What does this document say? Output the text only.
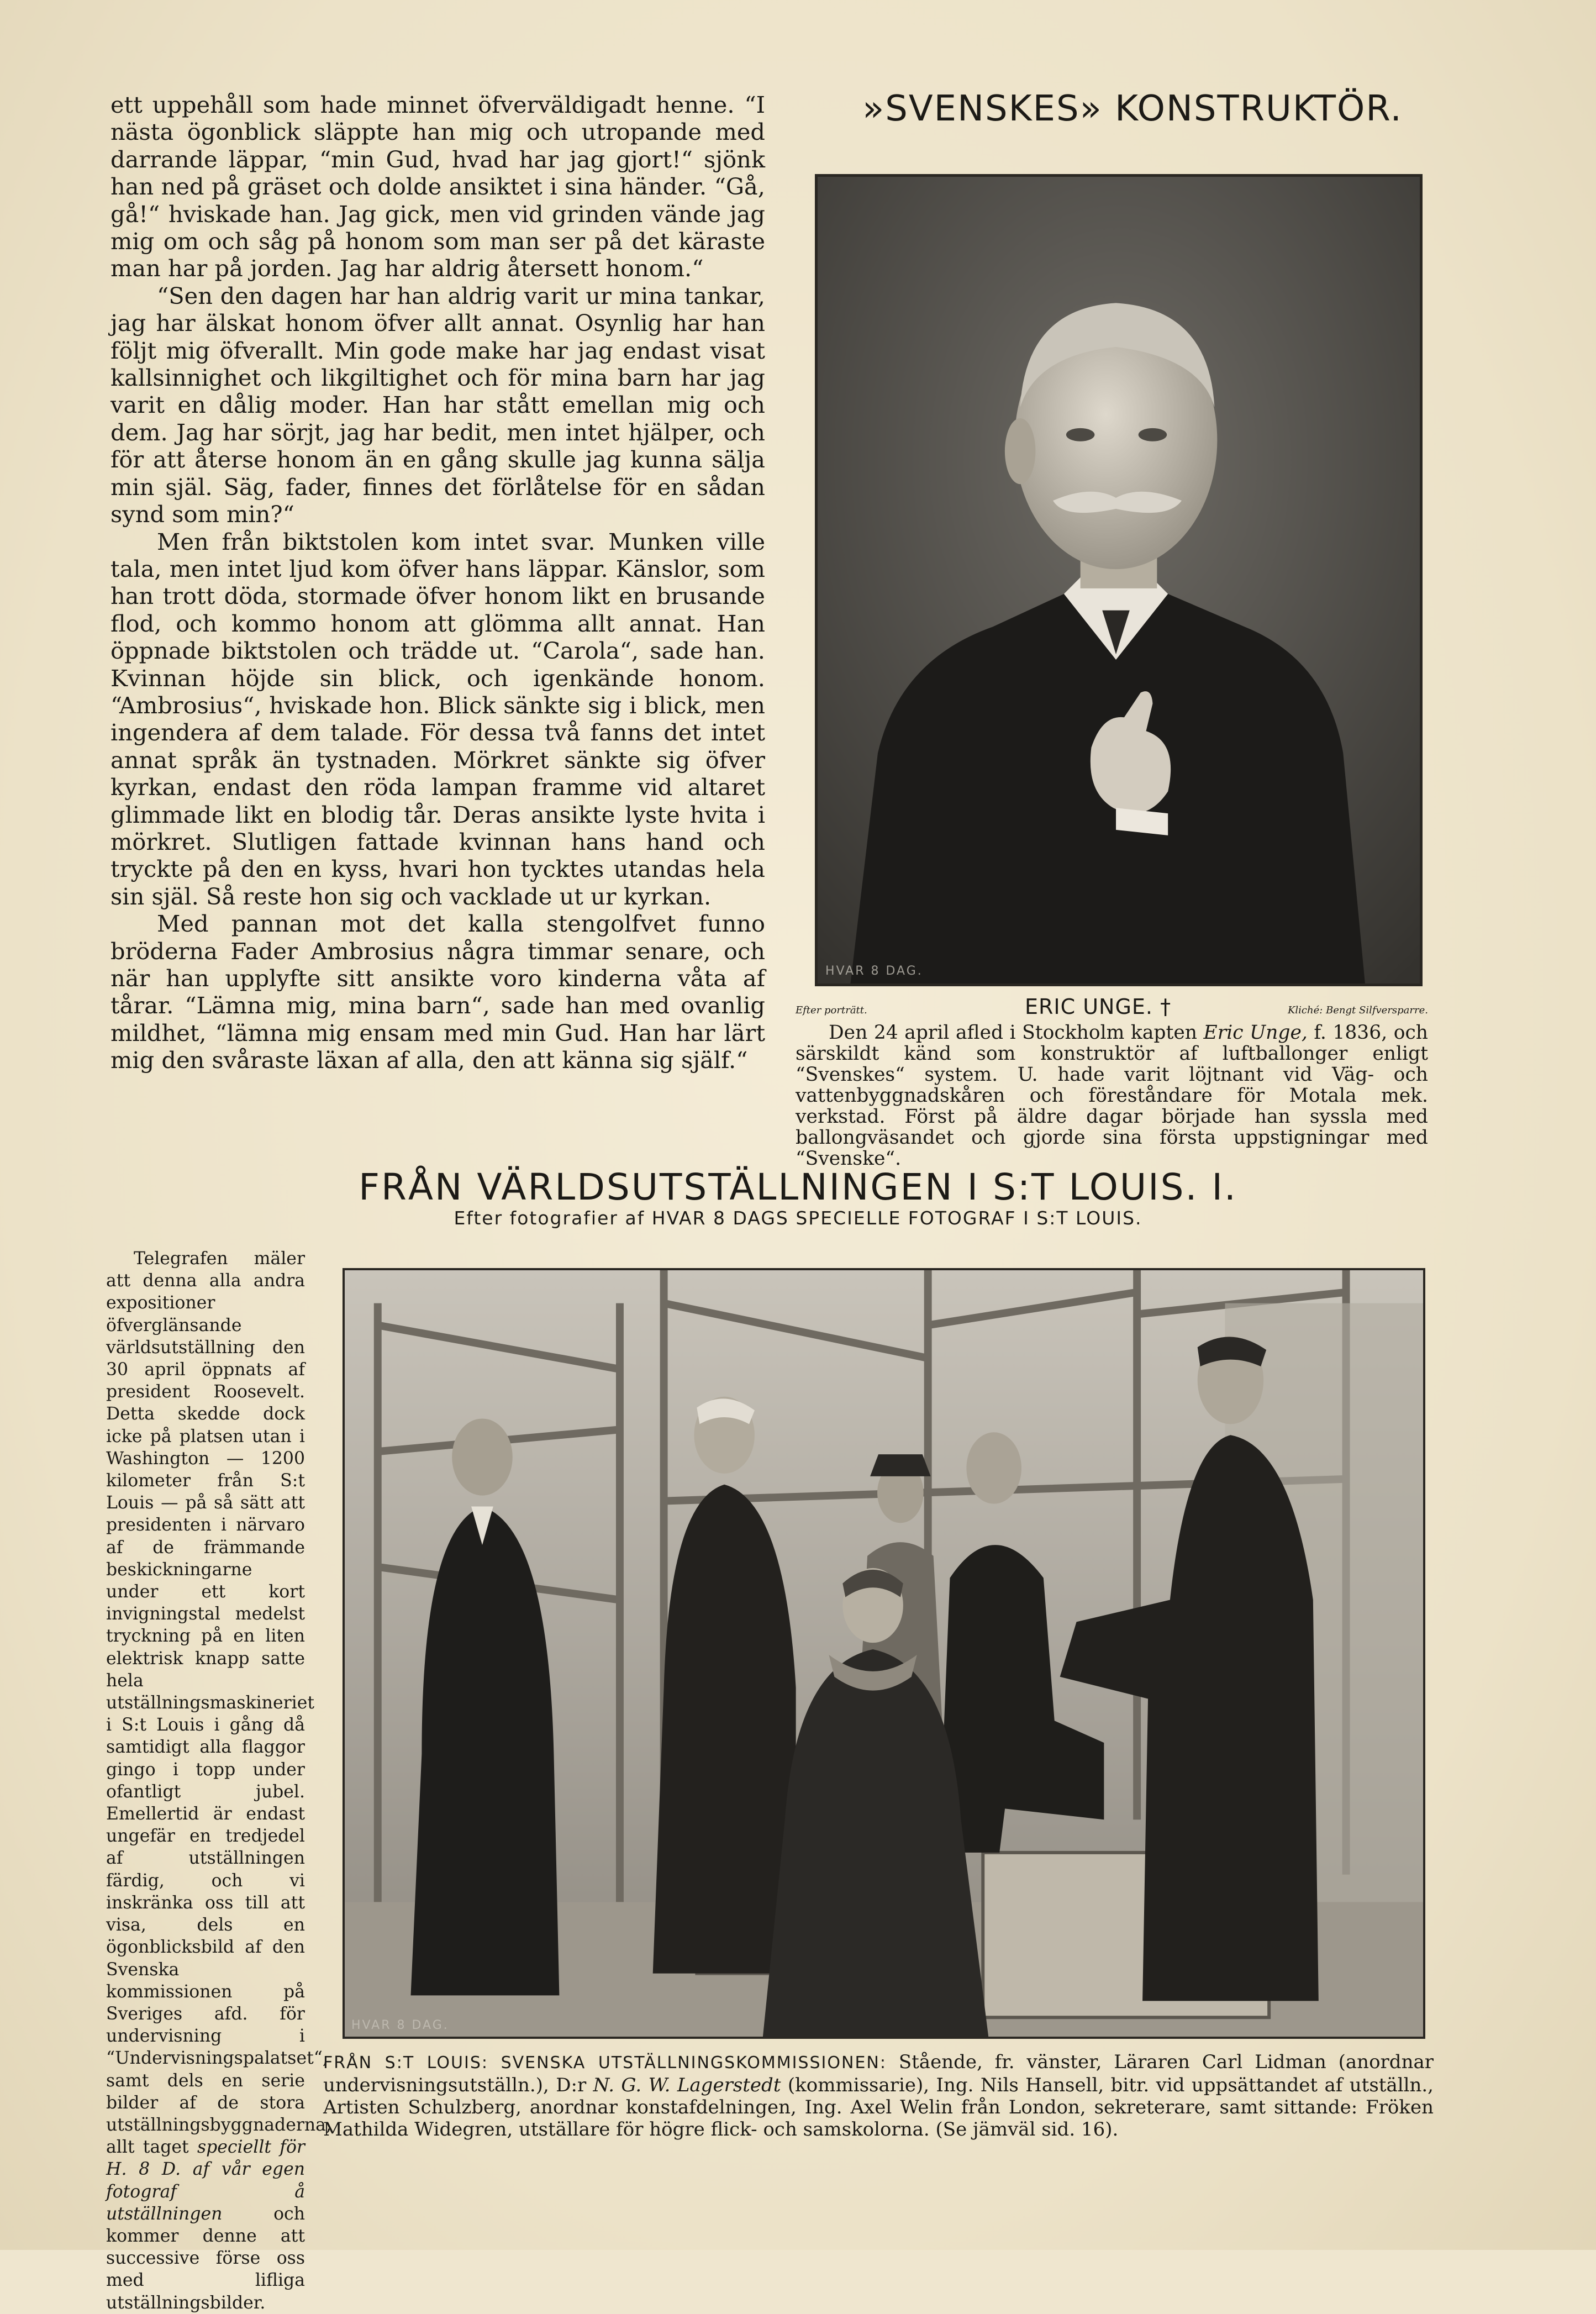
ett uppehåll som hade minnet öfverväldigadt henne. “I nästa ögonblick släppte han mig och utropande med darrande läppar, “min Gud, hvad har jag gjort!“ sjönk han ned på gräset och dolde ansiktet i sina händer. “Gå, gå!“ hviskade han. Jag gick, men vid grinden vände jag mig om och såg på honom som man ser på det käraste man har på jorden. Jag har aldrig återsett honom.“

“Sen den dagen har han aldrig varit ur mina tankar, jag har älskat honom öfver allt annat. Osynlig har han följt mig öfverallt. Min gode make har jag endast visat kallsinnighet och likgiltighet och för mina barn har jag varit en dålig moder. Han har stått emellan mig och dem. Jag har sörjt, jag har bedit, men intet hjälper, och för att återse honom än en gång skulle jag kunna sälja min själ. Säg, fader, finnes det förlåtelse för en sådan synd som min?“

Men från biktstolen kom intet svar. Munken ville tala, men intet ljud kom öfver hans läppar. Känslor, som han trott döda, stormade öfver honom likt en brusande flod, och kommo honom att glömma allt annat. Han öppnade biktstolen och trädde ut. “Carola“, sade han. Kvinnan höjde sin blick, och igenkände honom. “Ambrosius“, hviskade hon. Blick sänkte sig i blick, men ingendera af dem talade. För dessa två fanns det intet annat språk än tystnaden. Mörkret sänkte sig öfver kyrkan, endast den röda lampan framme vid altaret glimmade likt en blodig tår. Deras ansikte lyste hvita i mörkret. Slutligen fattade kvinnan hans hand och tryckte på den en kyss, hvari hon tycktes utandas hela sin själ. Så reste hon sig och vacklade ut ur kyrkan.

Med pannan mot det kalla stengolfvet funno bröderna Fader Ambrosius några timmar senare, och när han upplyfte sitt ansikte voro kinderna våta af tårar. “Lämna mig, mina barn“, sade han med ovanlig mildhet, “lämna mig ensam med min Gud. Han har lärt mig den svåraste läxan af alla, den att känna sig själf.“

»SVENSKES» KONSTRUKTÖR.
HVAR 8 DAG.
Efter porträtt.	ERIC UNGE. †	Kliché: Bengt Silfversparre.

Den 24 april afled i Stockholm kapten Eric Unge, f. 1836, och särskildt känd som konstruktör af luftballonger enligt “Svenskes“ system. U. hade varit löjtnant vid Väg- och vattenbyggnadskåren och föreståndare för Motala mek. verkstad. Först på äldre dagar började han syssla med ballongväsandet och gjorde sina första uppstigningar med “Svenske“.

FRÅN VÄRLDSUTSTÄLLNINGEN I S:T LOUIS. I.
Efter fotografier af HVAR 8 DAGS SPECIELLE FOTOGRAF I S:T LOUIS.

Telegrafen mäler att denna alla andra expositioner öfverglänsande världsutställning den 30 april öppnats af president Roosevelt. Detta skedde dock icke på platsen utan i Washington — 1200 kilometer från S:t Louis — på så sätt att presidenten i närvaro af de främmande beskickningarne under ett kort invigningstal medelst tryckning på en liten elektrisk knapp satte hela utställningsmaskineriet i S:t Louis i gång då samtidigt alla flaggor gingo i topp under ofantligt jubel. Emellertid är endast ungefär en tredjedel af utställningen färdig, och vi inskränka oss till att visa, dels en ögonblicksbild af den Svenska kommissionen på Sveriges afd. för undervisning i “Undervisningspalatset“, samt dels en serie bilder af de stora utställningsbyggnaderna, allt taget speciellt för H. 8 D. af vår egen fotograf å utställningen och kommer denne att successive förse oss med lifliga utställningsbilder.

HVAR 8 DAG.
FRÅN S:T LOUIS: SVENSKA UTSTÄLLNINGSKOMMISSIONEN: Stående, fr. vänster, Läraren Carl Lidman (anordnar undervisningsutställn.), D:r N. G. W. Lagerstedt (kommissarie), Ing. Nils Hansell, bitr. vid uppsättandet af utställn., Artisten Schulzberg, anordnar konstafdelningen, Ing. Axel Welin från London, sekreterare, samt sittande: Fröken Mathilda Widegren, utställare för högre flick- och samskolorna. (Se jämväl sid. 16).
